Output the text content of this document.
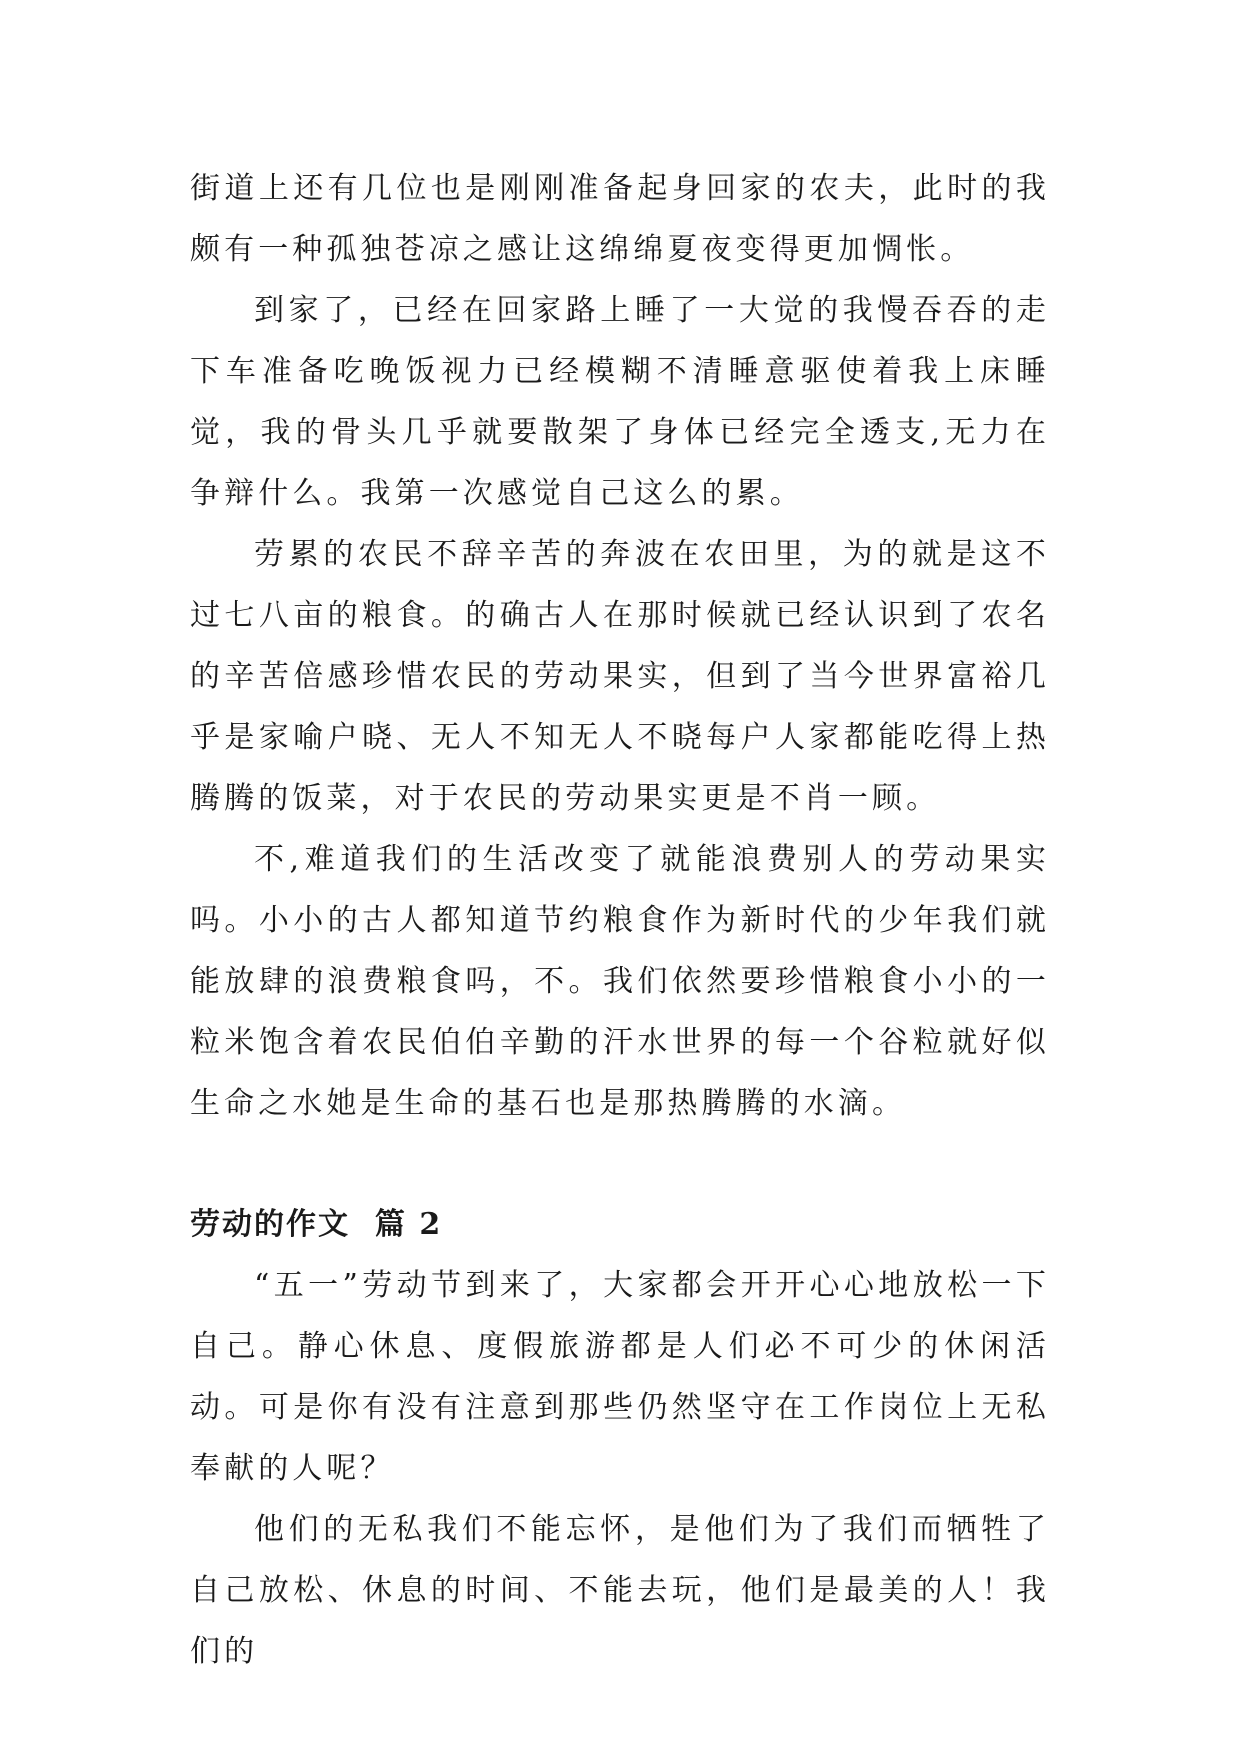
街道上还有几位也是刚刚准备起身回家的农夫，此时的我颇有一种孤独苍凉之感让这绵绵夏夜变得更加惆怅。

到家了，已经在回家路上睡了一大觉的我慢吞吞的走下车准备吃晚饭视力已经模糊不清睡意驱使着我上床睡觉，我的骨头几乎就要散架了身体已经完全透支,无力在争辩什么。我第一次感觉自己这么的累。

劳累的农民不辞辛苦的奔波在农田里，为的就是这不过七八亩的粮食。的确古人在那时候就已经认识到了农名的辛苦倍感珍惜农民的劳动果实，但到了当今世界富裕几乎是家喻户晓、无人不知无人不晓每户人家都能吃得上热腾腾的饭菜，对于农民的劳动果实更是不肖一顾。

不,难道我们的生活改变了就能浪费别人的劳动果实吗。小小的古人都知道节约粮食作为新时代的少年我们就能放肆的浪费粮食吗，不。我们依然要珍惜粮食小小的一粒米饱含着农民伯伯辛勤的汗水世界的每一个谷粒就好似生命之水她是生命的基石也是那热腾腾的水滴。

劳动的作文  篇 2

“五一”劳动节到来了，大家都会开开心心地放松一下自己。静心休息、度假旅游都是人们必不可少的休闲活动。可是你有没有注意到那些仍然坚守在工作岗位上无私奉献的人呢？

他们的无私我们不能忘怀，是他们为了我们而牺牲了自己放松、休息的时间、不能去玩，他们是最美的人！我们的
